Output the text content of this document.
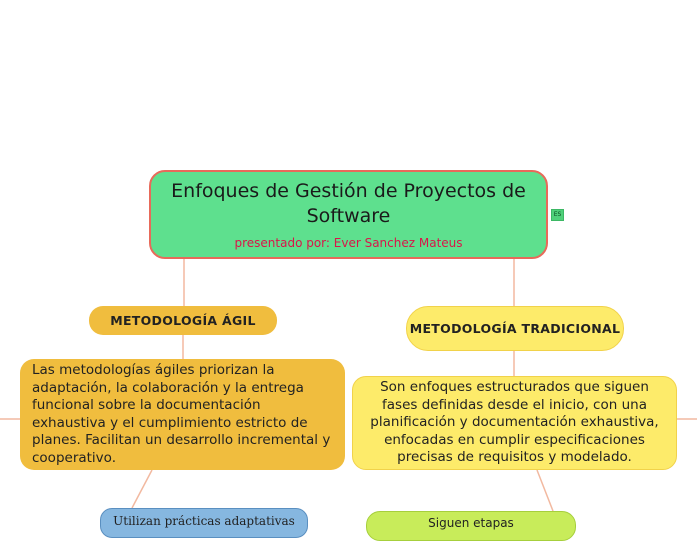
Enfoques de Gestión de Proyectos de Software
presentado por: Ever Sanchez Mateus
ES
METODOLOGÍA ÁGIL
METODOLOGÍA TRADICIONAL
Las metodologías ágiles priorizan la adaptación, la colaboración y la entrega funcional sobre la documentación exhaustiva y el cumplimiento estricto de planes. Facilitan un desarrollo incremental y cooperativo.
Son enfoques estructurados que siguen fases definidas desde el inicio, con una planificación y documentación exhaustiva, enfocadas en cumplir especificaciones precisas de requisitos y modelado.
Utilizan prácticas adaptativas	Siguen etapas
